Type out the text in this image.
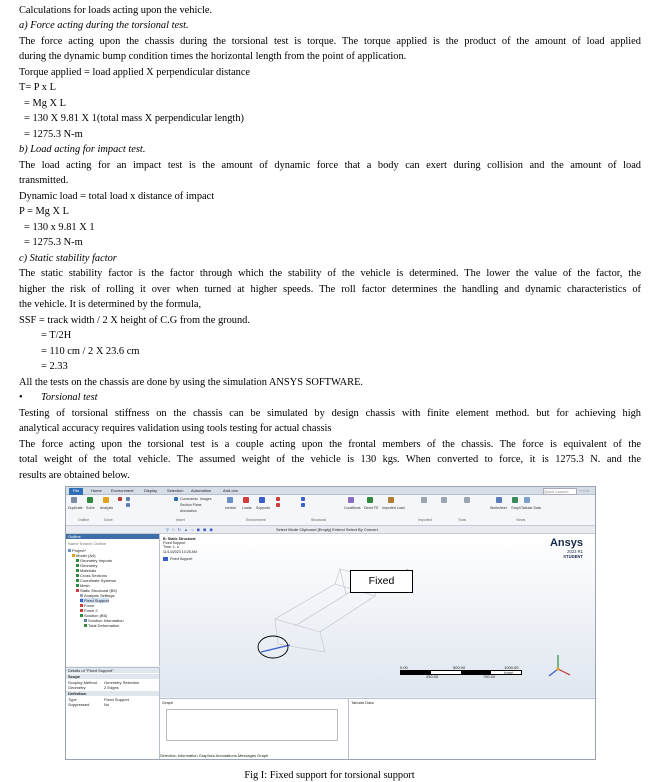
Calculations for loads acting upon the vehicle.

a) Force acting during the torsional test.

The force acting upon the chassis during the torsional test is torque. The torque applied is the product of the amount of load applied

during the dynamic bump condition times the horizontal length from the point of application.

Torque applied = load applied X perpendicular distance

T= P x L

= Mg X L

= 130 X 9.81 X 1(total mass X perpendicular length)

= 1275.3 N-m

b) Load acting for impact test.

The load acting for an impact test is the amount of dynamic force that a body can exert during collision and the amount of load

transmitted.

Dynamic load = total load x distance of impact

P = Mg X L

= 130 x 9.81 X 1

= 1275.3 N-m

c) Static stability factor

The static stability factor is the factor through which the stability of the vehicle is determined. The lower the value of the factor, the

higher the risk of rolling it over when turned at higher speeds. The roll factor determines the handling and dynamic characteristics of

the vehicle. It is determined by the formula,

SSF = track width / 2 X height of C.G from the ground.

= T/2H

= 110 cm / 2 X 23.6 cm

= 2.33

All the tests on the chassis are done by using the simulation ANSYS SOFTWARE.

• Torsional test

Testing of torsional stiffness on the chassis can be simulated by design chassis with finite element method. but for achieving high

analytical accuracy requires validation using tools testing for actual chassis

The force acting upon the torsional test is a couple acting upon the frontal members of the chassis. The force is equivalent of the

total weight of the total vehicle. The assumed weight of the vehicle is 130 kgs. When converted to force, it is 1275.3 N. and the

results are obtained below.

File	Home Environment	Display Selection Automation	Add-ons	Quick Launch	─ □ ×
Duplicate Solve Analysis
Commands Images
Section Plane
Annotation
Inertial Loads Supports	Conditions Direct FE Imported Load	Worksheet Graph Tabular Data
Outline	Solve	Insert	Environment	Structural	Imported	Tools	Views
⚲ □ ↻ ▲ ○ ◼ ◼ ◼	Select Mode Clipboard [Empty] Extend Select By Convert
Outline
Name Search Outline
Project*
Model (A4)
Geometry Imports
Geometry
Materials
Cross Sections
Coordinate Systems
Mesh
Static Structural (B5)
Analysis Settings
Fixed Support
Force
Force 2
Solution (B6)
Solution Information
Total Deformation
Details of "Fixed Support"
Scope
Scoping Method Geometry Selection
Geometry	2 Edges
Definition
Type	Fixed Support
Suppressed	No
B: Static Structural
Fixed Support
Time: 1. s
11/14/2023 10:25 AM
Fixed Support
Ansys
2023 R1
STUDENT
0.00	500.00	1000.00 (mm)
250.00	750.00
Graph	Tabular Data
Selection Information Graphics Annotations Messages Graph
Fixed

Fig I: Fixed support for torsional support
